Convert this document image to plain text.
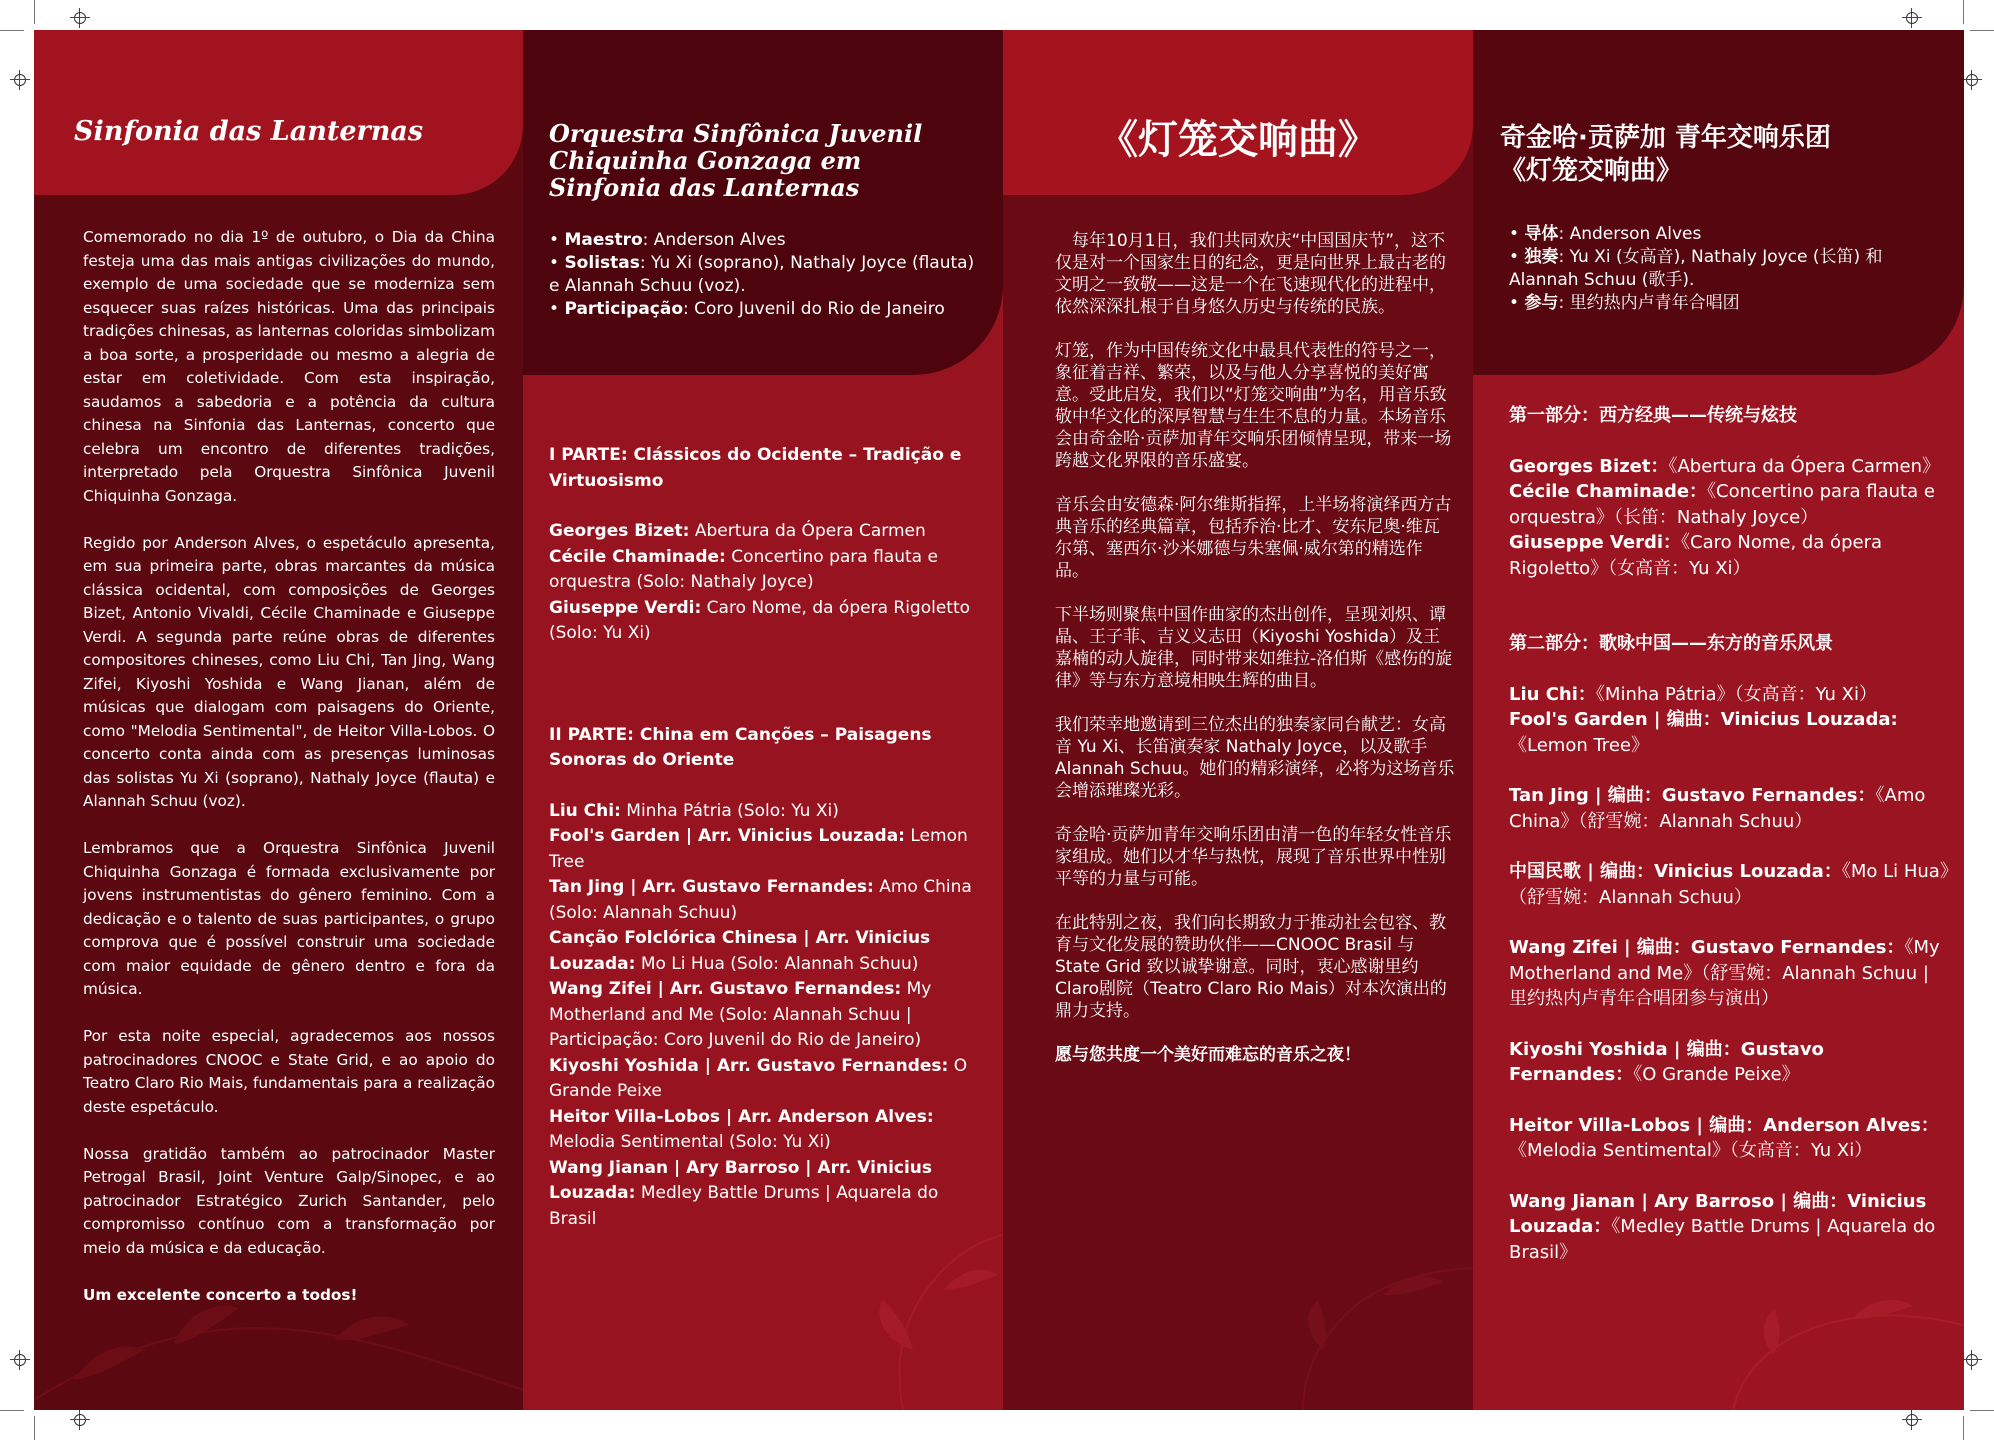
Sinfonia das Lanternas

Comemorado no dia 1º de outubro, o Dia da China festeja uma das mais antigas civilizações do mundo, exemplo de uma sociedade que se moderniza sem esquecer suas raízes históricas. Uma das principais tradições chinesas, as lanternas coloridas simbolizam a boa sorte, a prosperidade ou mesmo a alegria de estar em coletividade. Com esta inspiração, saudamos a sabedoria e a potência da cultura chinesa na Sinfonia das Lanternas, concerto que celebra um encontro de diferentes tradições, interpretado pela Orquestra Sinfônica Juvenil Chiquinha Gonzaga.

Regido por Anderson Alves, o espetáculo apresenta, em sua primeira parte, obras marcantes da música clássica ocidental, com composições de Georges Bizet, Antonio Vivaldi, Cécile Chaminade e Giuseppe Verdi. A segunda parte reúne obras de diferentes compositores chineses, como Liu Chi, Tan Jing, Wang Zifei, Kiyoshi Yoshida e Wang Jianan, além de músicas que dialogam com paisagens do Oriente, como "Melodia Sentimental", de Heitor Villa-Lobos. O concerto conta ainda com as presenças luminosas das solistas Yu Xi (soprano), Nathaly Joyce (flauta) e Alannah Schuu (voz).

Lembramos que a Orquestra Sinfônica Juvenil Chiquinha Gonzaga é formada exclusivamente por jovens instrumentistas do gênero feminino. Com a dedicação e o talento de suas participantes, o grupo comprova que é possível construir uma sociedade com maior equidade de gênero dentro e fora da música.

Por esta noite especial, agradecemos aos nossos patrocinadores CNOOC e State Grid, e ao apoio do Teatro Claro Rio Mais, fundamentais para a realização deste espetáculo.

Nossa gratidão também ao patrocinador Master Petrogal Brasil, Joint Venture Galp/Sinopec, e ao patrocinador Estratégico Zurich Santander, pelo compromisso contínuo com a transformação por meio da música e da educação.

Um excelente concerto a todos!

Orquestra Sinfônica Juvenil
Chiquinha Gonzaga em
Sinfonia das Lanternas
• Maestro: Anderson Alves
• Solistas: Yu Xi (soprano), Nathaly Joyce (flauta) e Alannah Schuu (voz).
• Participação: Coro Juvenil do Rio de Janeiro

I PARTE: Clássicos do Ocidente – Tradição e Virtuosismo

Georges Bizet: Abertura da Ópera Carmen

Cécile Chaminade: Concertino para flauta e orquestra (Solo: Nathaly Joyce)

Giuseppe Verdi: Caro Nome, da ópera Rigoletto (Solo: Yu Xi)

II PARTE: China em Canções – Paisagens Sonoras do Oriente

Liu Chi: Minha Pátria (Solo: Yu Xi)

Fool's Garden | Arr. Vinicius Louzada: Lemon Tree

Tan Jing | Arr. Gustavo Fernandes: Amo China (Solo: Alannah Schuu)

Canção Folclórica Chinesa | Arr. Vinicius Louzada: Mo Li Hua (Solo: Alannah Schuu)

Wang Zifei | Arr. Gustavo Fernandes: My Motherland and Me (Solo: Alannah Schuu | Participação: Coro Juvenil do Rio de Janeiro)

Kiyoshi Yoshida | Arr. Gustavo Fernandes: O Grande Peixe

Heitor Villa-Lobos | Arr. Anderson Alves: Melodia Sentimental (Solo: Yu Xi)

Wang Jianan | Ary Barroso | Arr. Vinicius Louzada: Medley Battle Drums | Aquarela do Brasil

《灯笼交响曲》

　每年10月1日，我们共同欢庆“中国国庆节”，这不仅是对一个国家生日的纪念，更是向世界上最古老的文明之一致敬——这是一个在飞速现代化的进程中，依然深深扎根于自身悠久历史与传统的民族。

灯笼，作为中国传统文化中最具代表性的符号之一，象征着吉祥、繁荣，以及与他人分享喜悦的美好寓意。受此启发，我们以“灯笼交响曲”为名，用音乐致敬中华文化的深厚智慧与生生不息的力量。本场音乐会由奇金哈·贡萨加青年交响乐团倾情呈现，带来一场跨越文化界限的音乐盛宴。

音乐会由安德森·阿尔维斯指挥，上半场将演绎西方古典音乐的经典篇章，包括乔治·比才、安东尼奥·维瓦尔第、塞西尔·沙米娜德与朱塞佩·威尔第的精选作品。

下半场则聚焦中国作曲家的杰出创作，呈现刘炽、谭晶、王子菲、吉义义志田（Kiyoshi Yoshida）及王嘉楠的动人旋律，同时带来如维拉-洛伯斯《感伤的旋律》等与东方意境相映生辉的曲目。

我们荣幸地邀请到三位杰出的独奏家同台献艺：女高音 Yu Xi、长笛演奏家 Nathaly Joyce，以及歌手 Alannah Schuu。她们的精彩演绎，必将为这场音乐会增添璀璨光彩。

奇金哈·贡萨加青年交响乐团由清一色的年轻女性音乐家组成。她们以才华与热忱，展现了音乐世界中性别平等的力量与可能。

在此特别之夜，我们向长期致力于推动社会包容、教育与文化发展的赞助伙伴——CNOOC Brasil 与 State Grid 致以诚挚谢意。同时，衷心感谢里约Claro剧院（Teatro Claro Rio Mais）对本次演出的鼎力支持。

愿与您共度一个美好而难忘的音乐之夜！

奇金哈·贡萨加 青年交响乐团
《灯笼交响曲》
• 导体: Anderson Alves
• 独奏: Yu Xi (女高音), Nathaly Joyce (长笛) 和 Alannah Schuu (歌手).
• 参与: 里约热内卢青年合唱团

第一部分：西方经典——传统与炫技

Georges Bizet：《Abertura da Ópera Carmen》
Cécile Chaminade：《Concertino para flauta e orquestra》（长笛：Nathaly Joyce）
Giuseppe Verdi：《Caro Nome, da ópera Rigoletto》（女高音：Yu Xi）

第二部分：歌咏中国——东方的音乐风景

Liu Chi：《Minha Pátria》（女高音：Yu Xi）
Fool's Garden | 编曲：Vinicius Louzada:《Lemon Tree》
Tan Jing | 编曲：Gustavo Fernandes：《Amo China》（舒雪婉：Alannah Schuu）
中国民歌 | 编曲：Vinicius Louzada：《Mo Li Hua》（舒雪婉：Alannah Schuu）
Wang Zifei | 编曲：Gustavo Fernandes：《My Motherland and Me》（舒雪婉：Alannah Schuu | 里约热内卢青年合唱团参与演出）
Kiyoshi Yoshida | 编曲：Gustavo Fernandes：《O Grande Peixe》
Heitor Villa-Lobos | 编曲：Anderson Alves：《Melodia Sentimental》（女高音：Yu Xi）
Wang Jianan | Ary Barroso | 编曲：Vinicius Louzada：《Medley Battle Drums | Aquarela do Brasil》
